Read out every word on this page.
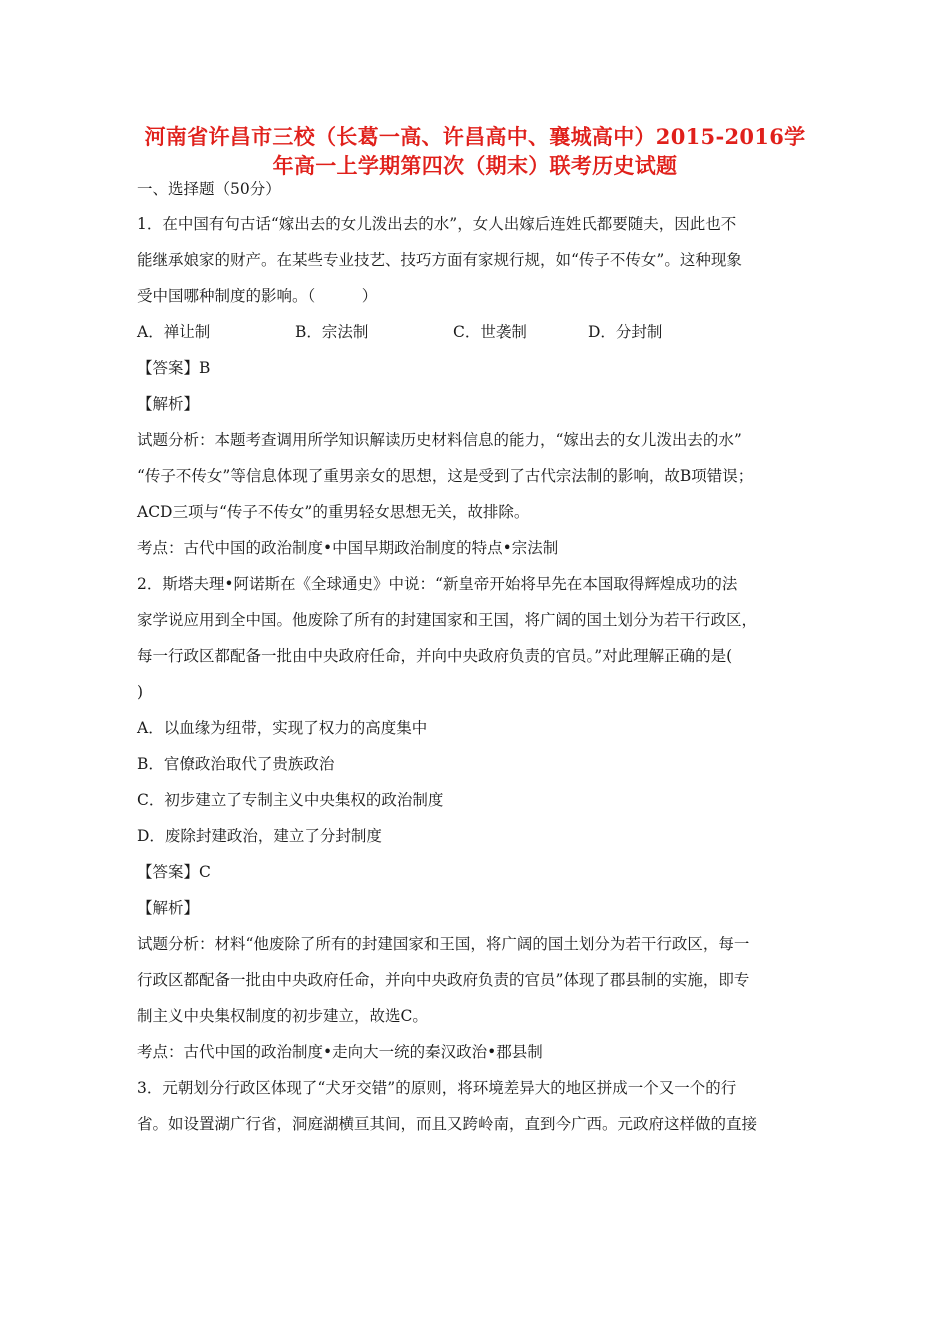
河南省许昌市三校（长葛一高、许昌高中、襄城高中）2015-2016学
年高一上学期第四次（期末）联考历史试题
一、选择题（50分）
1．在中国有句古话“嫁出去的女儿泼出去的水”，女人出嫁后连姓氏都要随夫，因此也不
能继承娘家的财产。在某些专业技艺、技巧方面有家规行规，如“传子不传女”。这种现象
受中国哪种制度的影响。（　　　）
A．禅让制	B．宗法制	C．世袭制	D．分封制
【答案】B
【解析】
试题分析：本题考查调用所学知识解读历史材料信息的能力，“嫁出去的女儿泼出去的水”
“传子不传女”等信息体现了重男亲女的思想，这是受到了古代宗法制的影响，故B项错误；
ACD三项与“传子不传女”的重男轻女思想无关，故排除。
考点：古代中国的政治制度•中国早期政治制度的特点•宗法制
2．斯塔夫理•阿诺斯在《全球通史》中说：“新皇帝开始将早先在本国取得辉煌成功的法
家学说应用到全中国。他废除了所有的封建国家和王国，将广阔的国土划分为若干行政区，
每一行政区都配备一批由中央政府任命，并向中央政府负责的官员。”对此理解正确的是(
)
A．以血缘为纽带，实现了权力的高度集中
B．官僚政治取代了贵族政治
C．初步建立了专制主义中央集权的政治制度
D．废除封建政治，建立了分封制度
【答案】C
【解析】
试题分析：材料“他废除了所有的封建国家和王国，将广阔的国土划分为若干行政区，每一
行政区都配备一批由中央政府任命，并向中央政府负责的官员”体现了郡县制的实施，即专
制主义中央集权制度的初步建立，故选C。
考点：古代中国的政治制度•走向大一统的秦汉政治•郡县制
3．元朝划分行政区体现了“犬牙交错”的原则，将环境差异大的地区拼成一个又一个的行
省。如设置湖广行省，洞庭湖横亘其间，而且又跨岭南，直到今广西。元政府这样做的直接
